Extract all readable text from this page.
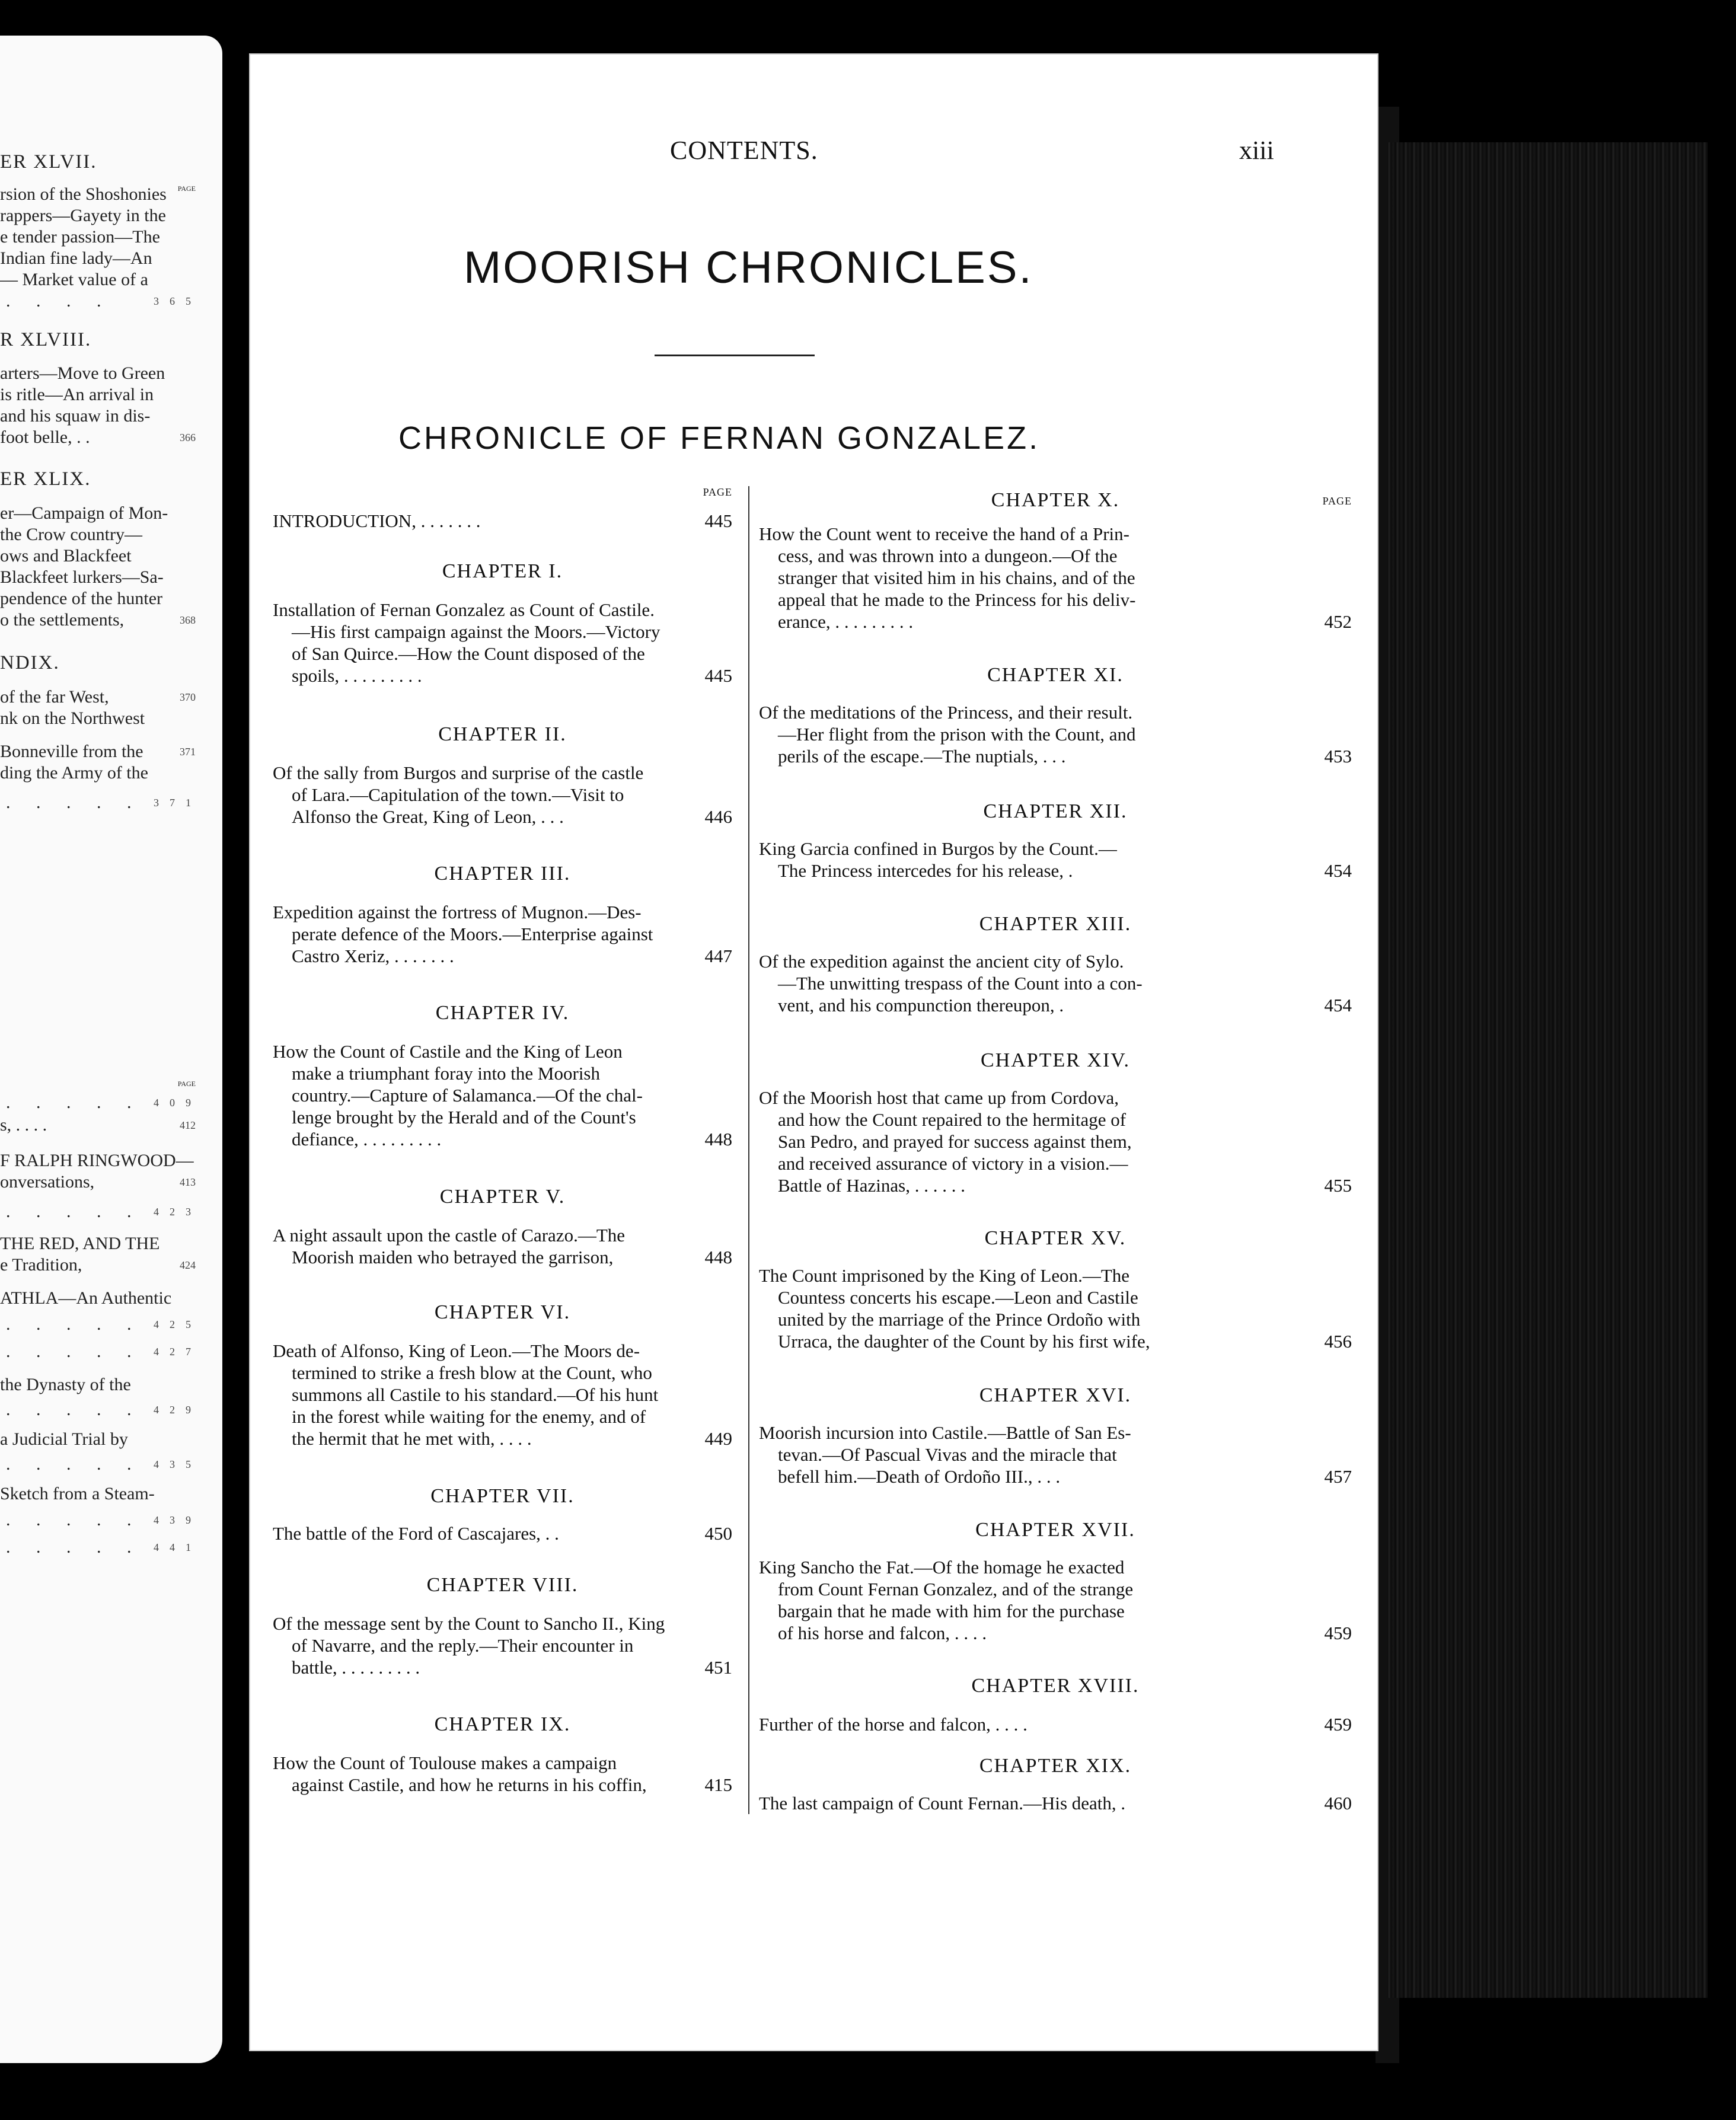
ER XLVII.
PAGE
rsion of the Shoshonies
rappers—Gayety in the
e tender passion—The
Indian fine lady—An
— Market value of a
. . . .	365
R XLVIII.
arters—Move to Green
is ritle—An arrival in
and his squaw in dis-
foot belle, . .	366
ER XLIX.
er—Campaign of Mon-
the Crow country—
ows and Blackfeet
Blackfeet lurkers—Sa-
pendence of the hunter
o the settlements,	368
NDIX.
of the far West,	370
nk on the Northwest
Bonneville from the	371
ding the Army of the
. . . . . 371
PAGE
. . . . . 409
s, . . . .	412
F RALPH RINGWOOD—
onversations,	413
. . . . . 423
THE RED, AND THE
e Tradition,	424
ATHLA—An Authentic
. . . . . 425
. . . . . 427
the Dynasty of the
. . . . . 429
a Judicial Trial by
. . . . . 435
Sketch from a Steam-
. . . . . 439
. . . . . 441
CONTENTS.	xiii
MOORISH CHRONICLES.
CHRONICLE OF FERNAN GONZALEZ.
PAGE
INTRODUCTION, . . . . . . .	445
CHAPTER I.
Installation of Fernan Gonzalez as Count of Castile.
—His first campaign against the Moors.—Victory
of San Quirce.—How the Count disposed of the
spoils, . . . . . . . . .	445
CHAPTER II.
Of the sally from Burgos and surprise of the castle
of Lara.—Capitulation of the town.—Visit to
Alfonso the Great, King of Leon, . . .	446
CHAPTER III.
Expedition against the fortress of Mugnon.—Des-
perate defence of the Moors.—Enterprise against
Castro Xeriz, . . . . . . .	447
CHAPTER IV.
How the Count of Castile and the King of Leon
make a triumphant foray into the Moorish
country.—Capture of Salamanca.—Of the chal-
lenge brought by the Herald and of the Count's
defiance, . . . . . . . . .	448
CHAPTER V.
A night assault upon the castle of Carazo.—The
Moorish maiden who betrayed the garrison,	448
CHAPTER VI.
Death of Alfonso, King of Leon.—The Moors de-
termined to strike a fresh blow at the Count, who
summons all Castile to his standard.—Of his hunt
in the forest while waiting for the enemy, and of
the hermit that he met with, . . . .	449
CHAPTER VII.
The battle of the Ford of Cascajares, . .	450
CHAPTER VIII.
Of the message sent by the Count to Sancho II., King
of Navarre, and the reply.—Their encounter in
battle, . . . . . . . . .	451
CHAPTER IX.
How the Count of Toulouse makes a campaign
against Castile, and how he returns in his coffin,	415
PAGE
CHAPTER X.
How the Count went to receive the hand of a Prin-
cess, and was thrown into a dungeon.—Of the
stranger that visited him in his chains, and of the
appeal that he made to the Princess for his deliv-
erance, . . . . . . . . .	452
CHAPTER XI.
Of the meditations of the Princess, and their result.
—Her flight from the prison with the Count, and
perils of the escape.—The nuptials, . . .	453
CHAPTER XII.
King Garcia confined in Burgos by the Count.—
The Princess intercedes for his release, .	454
CHAPTER XIII.
Of the expedition against the ancient city of Sylo.
—The unwitting trespass of the Count into a con-
vent, and his compunction thereupon, .	454
CHAPTER XIV.
Of the Moorish host that came up from Cordova,
and how the Count repaired to the hermitage of
San Pedro, and prayed for success against them,
and received assurance of victory in a vision.—
Battle of Hazinas, . . . . . .	455
CHAPTER XV.
The Count imprisoned by the King of Leon.—The
Countess concerts his escape.—Leon and Castile
united by the marriage of the Prince Ordoño with
Urraca, the daughter of the Count by his first wife,	456
CHAPTER XVI.
Moorish incursion into Castile.—Battle of San Es-
tevan.—Of Pascual Vivas and the miracle that
befell him.—Death of Ordoño III., . . .	457
CHAPTER XVII.
King Sancho the Fat.—Of the homage he exacted
from Count Fernan Gonzalez, and of the strange
bargain that he made with him for the purchase
of his horse and falcon, . . . .	459
CHAPTER XVIII.
Further of the horse and falcon, . . . .	459
CHAPTER XIX.
The last campaign of Count Fernan.—His death, .	460
